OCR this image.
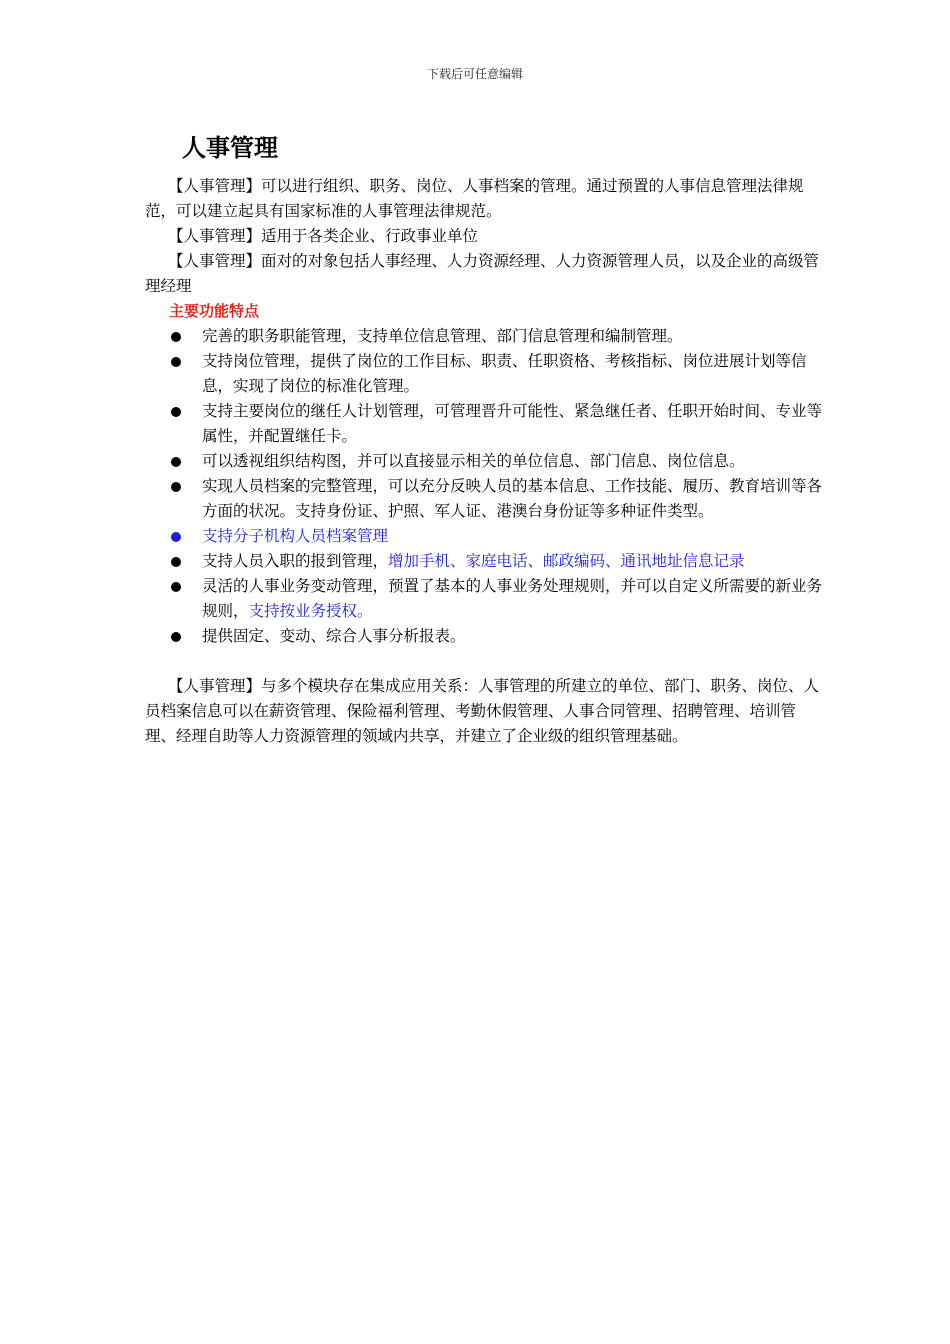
下载后可任意编辑
人事管理

【人事管理】可以进行组织、职务、岗位、人事档案的管理。通过预置的人事信息管理法律规范，可以建立起具有国家标准的人事管理法律规范。

【人事管理】适用于各类企业、行政事业单位

【人事管理】面对的对象包括人事经理、人力资源经理、人力资源管理人员，以及企业的高级管理经理

主要功能特点

完善的职务职能管理，支持单位信息管理、部门信息管理和编制管理。
支持岗位管理，提供了岗位的工作目标、职责、任职资格、考核指标、岗位进展计划等信息，实现了岗位的标准化管理。
支持主要岗位的继任人计划管理，可管理晋升可能性、紧急继任者、任职开始时间、专业等属性，并配置继任卡。
可以透视组织结构图，并可以直接显示相关的单位信息、部门信息、岗位信息。
实现人员档案的完整管理，可以充分反映人员的基本信息、工作技能、履历、教育培训等各方面的状况。支持身份证、护照、军人证、港澳台身份证等多种证件类型。
支持分子机构人员档案管理
支持人员入职的报到管理，增加手机、家庭电话、邮政编码、通讯地址信息记录
灵活的人事业务变动管理，预置了基本的人事业务处理规则，并可以自定义所需要的新业务规则，支持按业务授权。
提供固定、变动、综合人事分析报表。

【人事管理】与多个模块存在集成应用关系：人事管理的所建立的单位、部门、职务、岗位、人员档案信息可以在薪资管理、保险福利管理、考勤休假管理、人事合同管理、招聘管理、培训管理、经理自助等人力资源管理的领域内共享，并建立了企业级的组织管理基础。
